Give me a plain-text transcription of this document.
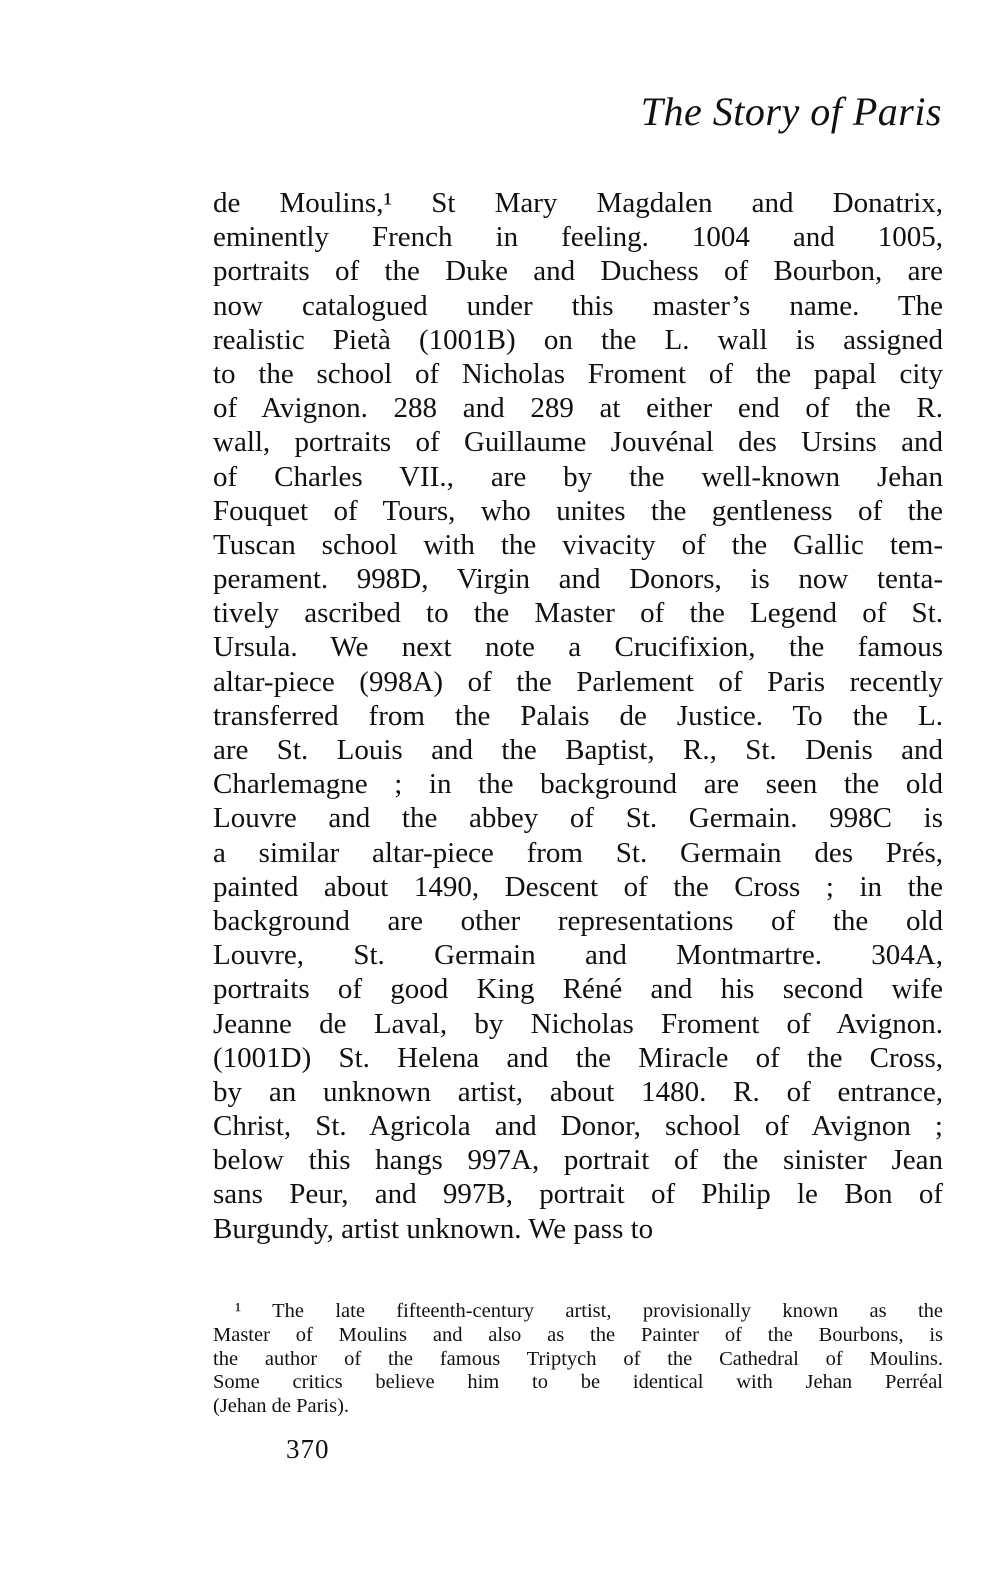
The Story of Paris
de Moulins,¹ St Mary Magdalen and Donatrix,
eminently French in feeling. 1004 and 1005,
portraits of the Duke and Duchess of Bourbon, are
now catalogued under this master’s name. The
realistic Pietà (1001B) on the L. wall is assigned
to the school of Nicholas Froment of the papal city
of Avignon. 288 and 289 at either end of the R.
wall, portraits of Guillaume Jouvénal des Ursins and
of Charles VII., are by the well-known Jehan
Fouquet of Tours, who unites the gentleness of the
Tuscan school with the vivacity of the Gallic tem-
perament. 998D, Virgin and Donors, is now tenta-
tively ascribed to the Master of the Legend of St.
Ursula. We next note a Crucifixion, the famous
altar-piece (998A) of the Parlement of Paris recently
transferred from the Palais de Justice. To the L.
are St. Louis and the Baptist, R., St. Denis and
Charlemagne ; in the background are seen the old
Louvre and the abbey of St. Germain. 998C is
a similar altar-piece from St. Germain des Prés,
painted about 1490, Descent of the Cross ; in the
background are other representations of the old
Louvre, St. Germain and Montmartre. 304A,
portraits of good King Réné and his second wife
Jeanne de Laval, by Nicholas Froment of Avignon.
(1001D) St. Helena and the Miracle of the Cross,
by an unknown artist, about 1480. R. of entrance,
Christ, St. Agricola and Donor, school of Avignon ;
below this hangs 997A, portrait of the sinister Jean
sans Peur, and 997B, portrait of Philip le Bon of
Burgundy, artist unknown. We pass to
¹ The late fifteenth-century artist, provisionally known as the
Master of Moulins and also as the Painter of the Bourbons, is
the author of the famous Triptych of the Cathedral of Moulins.
Some critics believe him to be identical with Jehan Perréal
(Jehan de Paris).
370
